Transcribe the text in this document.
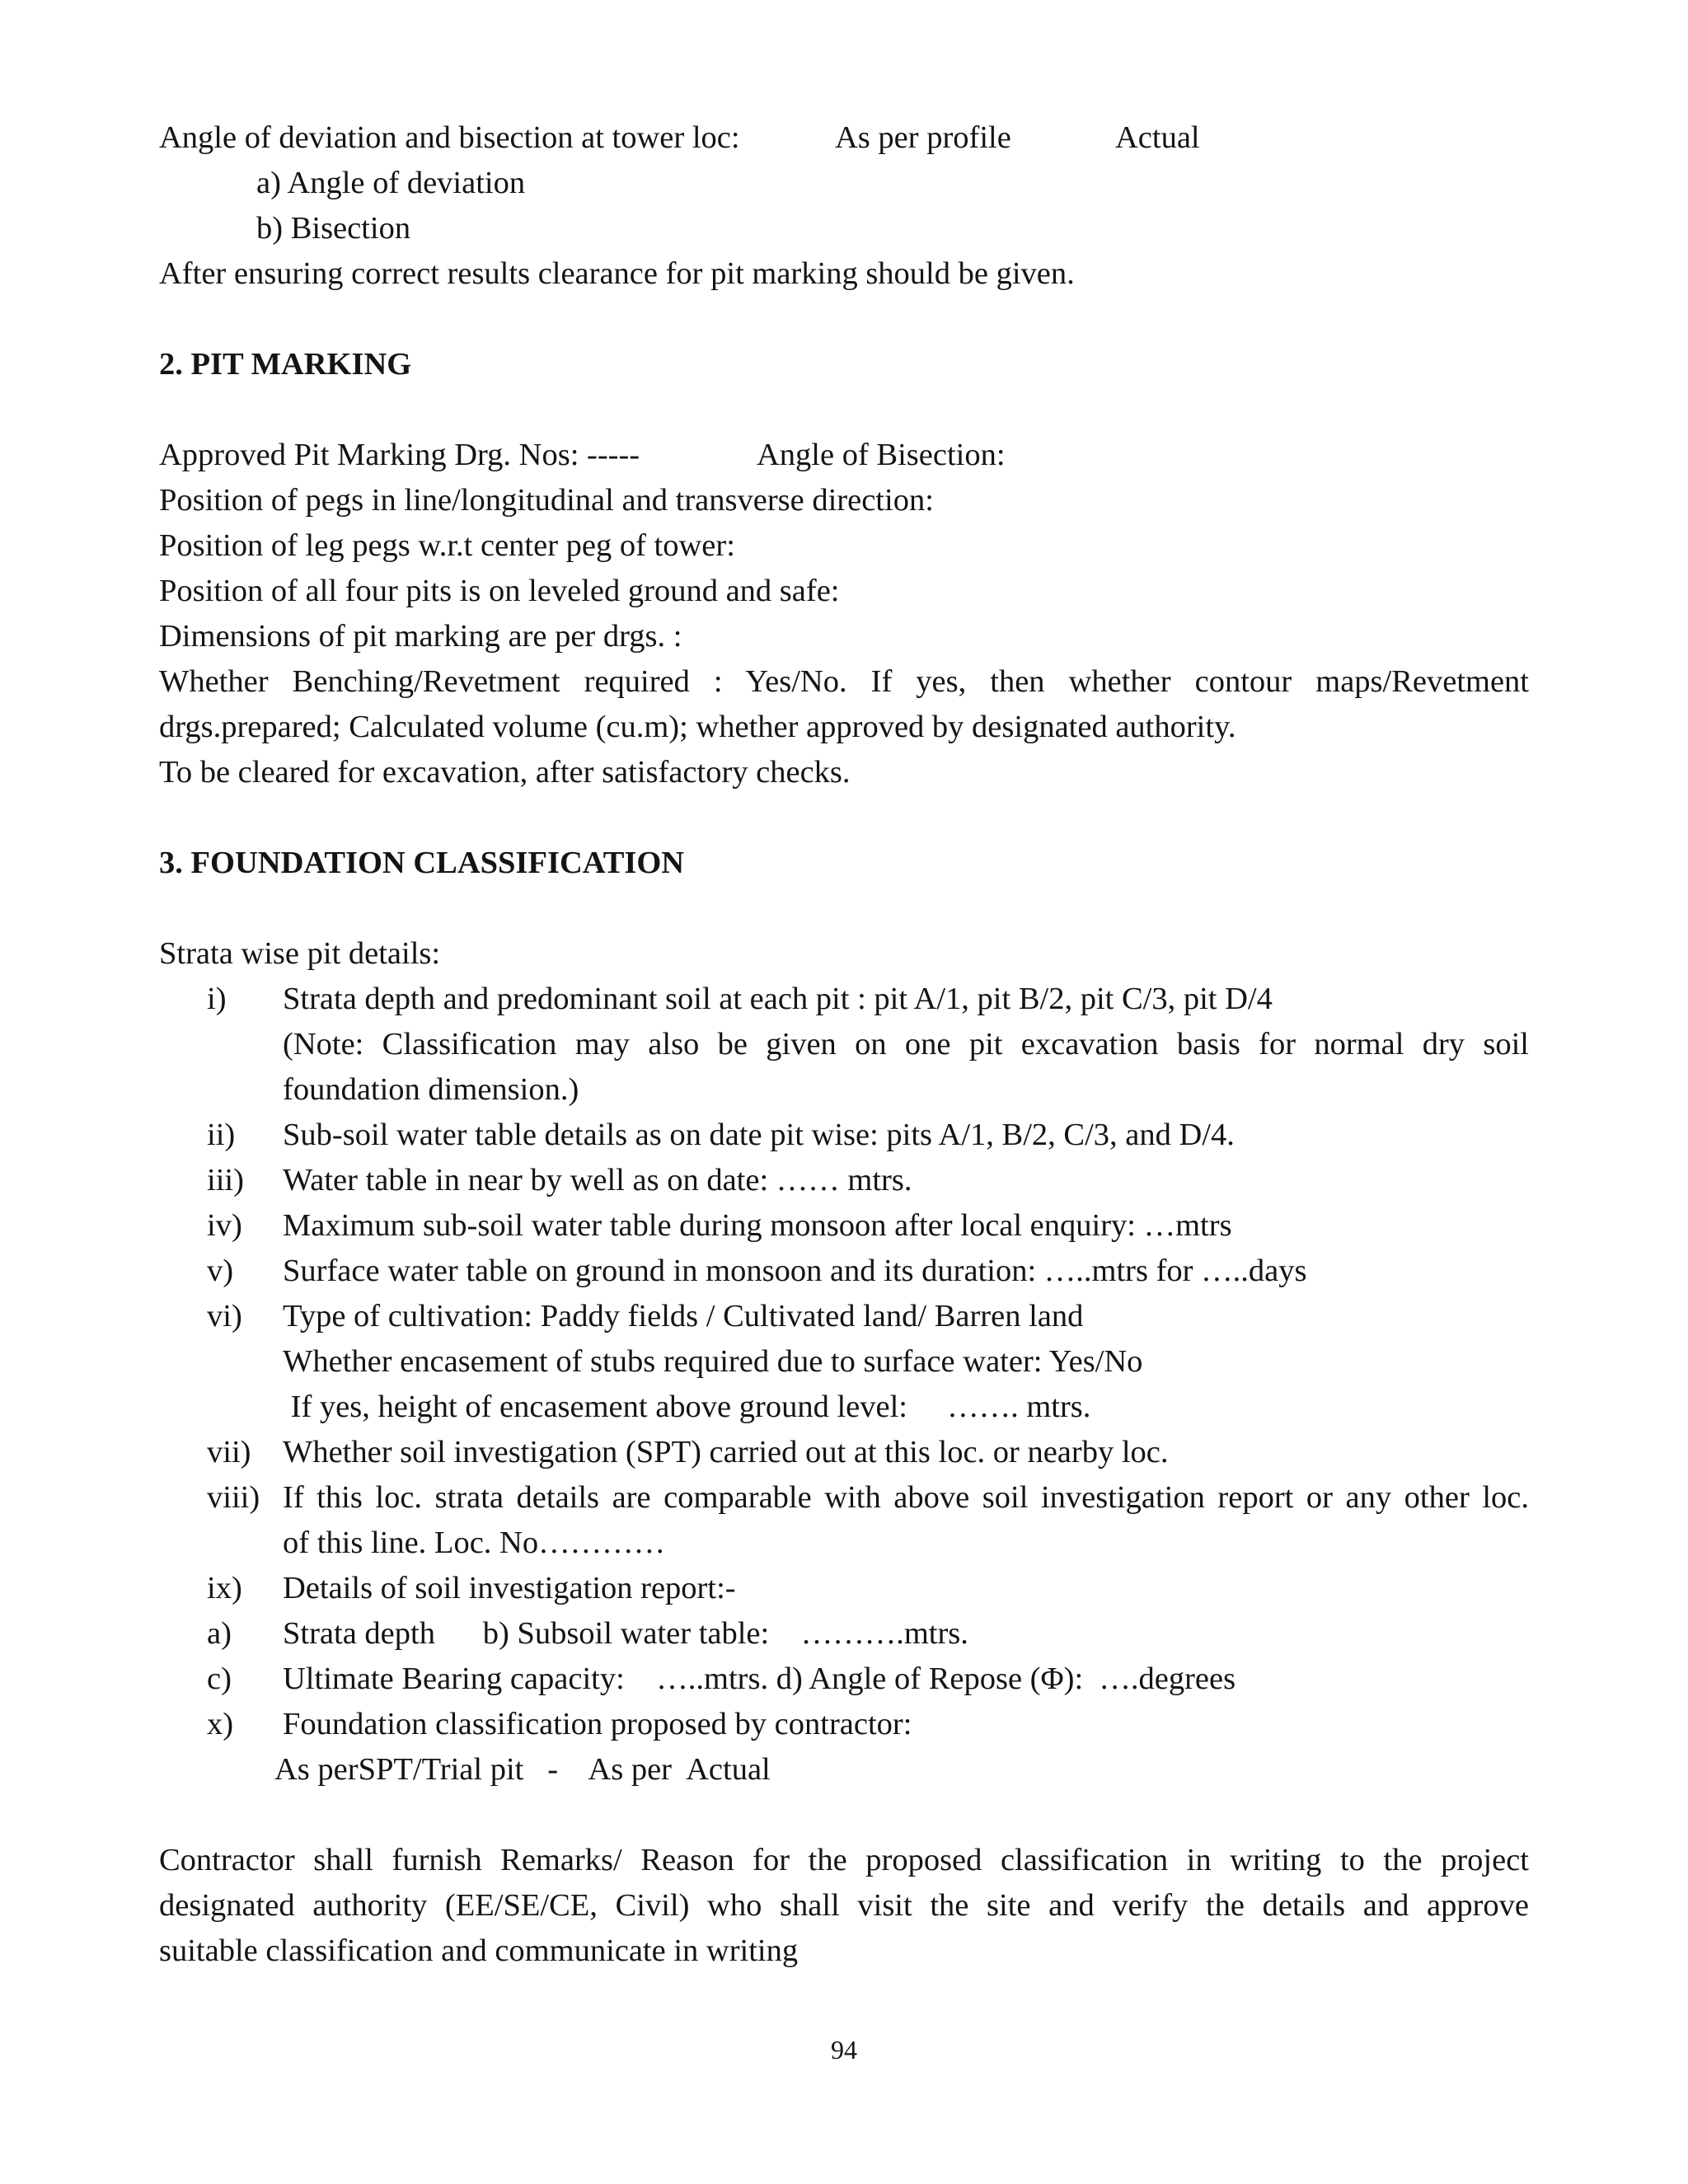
Angle of deviation and bisection at tower loc:	As per profile	Actual
a) Angle of deviation
b) Bisection
After ensuring correct results clearance for pit marking should be given.
2. PIT MARKING
Approved Pit Marking Drg. Nos: -----	Angle of Bisection:
Position of pegs in line/longitudinal and transverse direction:
Position of leg pegs w.r.t center peg of tower:
Position of all four pits is on leveled ground and safe:
Dimensions of pit marking are per drgs. :
Whether Benching/Revetment required : Yes/No. If yes, then whether contour maps/Revetment
drgs.prepared; Calculated volume (cu.m); whether approved by designated authority.
To be cleared for excavation, after satisfactory checks.
3. FOUNDATION CLASSIFICATION
Strata wise pit details:
i) Strata depth and predominant soil at each pit : pit A/1, pit B/2, pit C/3, pit D/4
(Note: Classification may also be given on one pit excavation basis for normal dry soil
foundation dimension.)
ii) Sub-soil water table details as on date pit wise: pits A/1, B/2, C/3, and D/4.
iii) Water table in near by well as on date: …… mtrs.
iv) Maximum sub-soil water table during monsoon after local enquiry: …mtrs
v) Surface water table on ground in monsoon and its duration: …..mtrs for …..days
vi) Type of cultivation: Paddy fields / Cultivated land/ Barren land
Whether encasement of stubs required due to surface water: Yes/No
If yes, height of encasement above ground level:     ……. mtrs.
vii) Whether soil investigation (SPT) carried out at this loc. or nearby loc.
viii) If this loc. strata details are comparable with above soil investigation report or any other loc.
of this line. Loc. No…………
ix) Details of soil investigation report:-
a) Strata depth      b) Subsoil water table:    ……….mtrs.
c) Ultimate Bearing capacity:    …..mtrs. d) Angle of Repose (Φ):  ….degrees
x) Foundation classification proposed by contractor:
As perSPT/Trial pit   -    As per  Actual
Contractor shall furnish Remarks/ Reason for the proposed classification in writing to the project
designated authority (EE/SE/CE, Civil) who shall visit the site and verify the details and approve
suitable classification and communicate in writing
94
